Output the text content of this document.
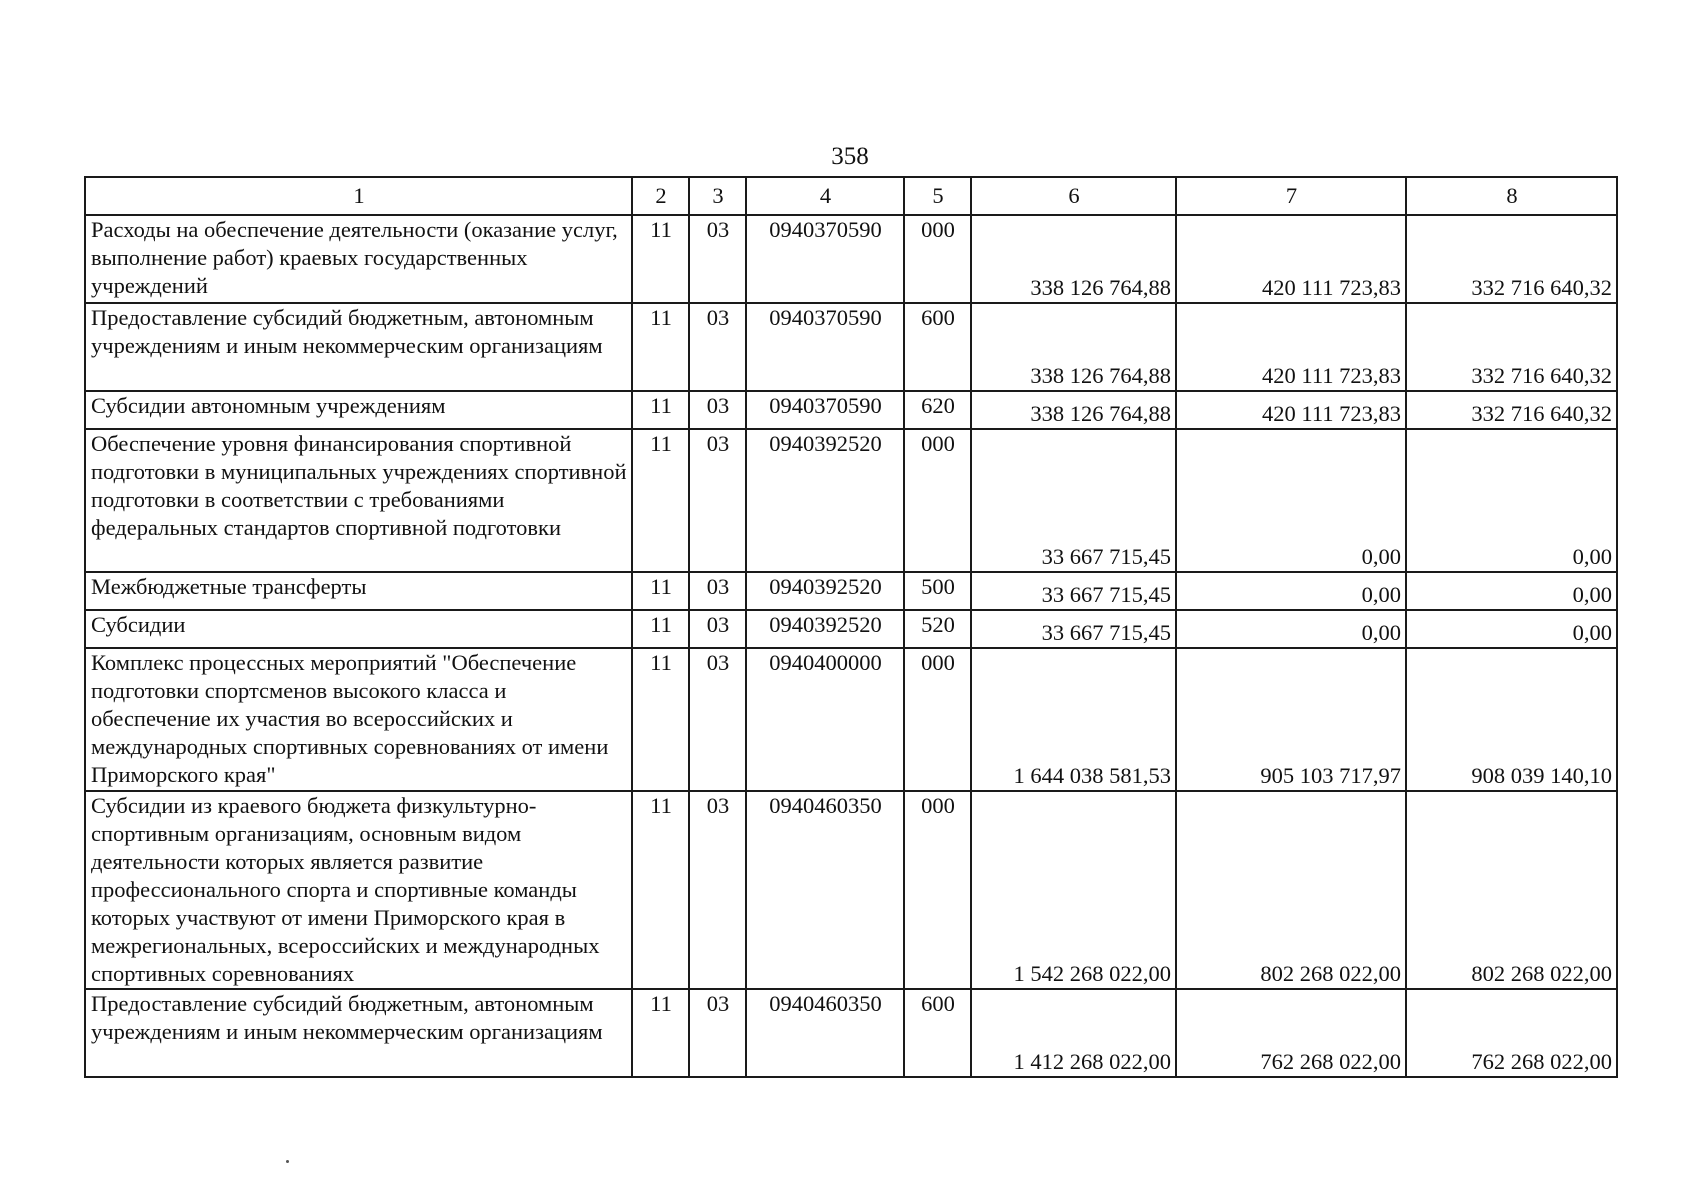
358
1	2	3	4	5	6	7	8
Расходы на обеспечение деятельности (оказание услуг, выполнение работ) краевых государственных учреждений	11	03	0940370590	000	338 126 764,88	420 111 723,83	332 716 640,32
Предоставление субсидий бюджетным, автономным учреждениям и иным некоммерческим организациям	11	03	0940370590	600	338 126 764,88	420 111 723,83	332 716 640,32
Субсидии автономным учреждениям	11	03	0940370590	620	338 126 764,88	420 111 723,83	332 716 640,32
Обеспечение уровня финансирования спортивной подготовки в муниципальных учреждениях спортивной подготовки в соответствии с требованиями федеральных стандартов спортивной подготовки	11	03	0940392520	000	33 667 715,45	0,00	0,00
Межбюджетные трансферты	11	03	0940392520	500	33 667 715,45	0,00	0,00
Субсидии	11	03	0940392520	520	33 667 715,45	0,00	0,00
Комплекс процессных мероприятий "Обеспечение подготовки спортсменов высокого класса и обеспечение их участия во всероссийских и международных спортивных соревнованиях от имени Приморского края"	11	03	0940400000	000	1 644 038 581,53	905 103 717,97	908 039 140,10
Субсидии из краевого бюджета физкультурно-спортивным организациям, основным видом деятельности которых является развитие профессионального спорта и спортивные команды которых участвуют от имени Приморского края в межрегиональных, всероссийских и международных спортивных соревнованиях	11	03	0940460350	000	1 542 268 022,00	802 268 022,00	802 268 022,00
Предоставление субсидий бюджетным, автономным учреждениям и иным некоммерческим организациям	11	03	0940460350	600	1 412 268 022,00	762 268 022,00	762 268 022,00
